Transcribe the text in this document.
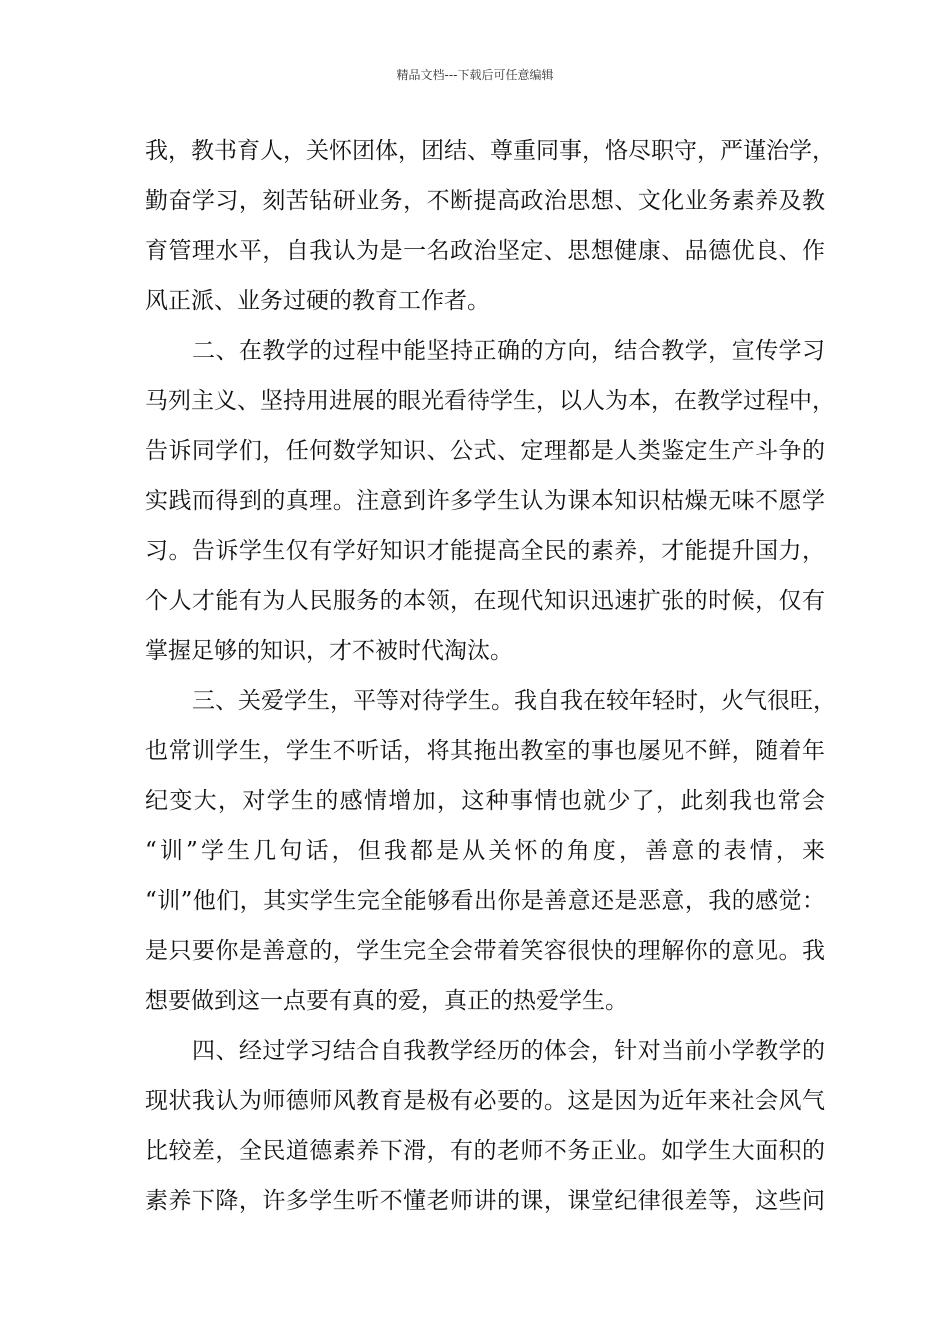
精品文档---下载后可任意编辑
我，教书育人，关怀团体，团结、尊重同事，恪尽职守，严谨治学，
勤奋学习，刻苦钻研业务，不断提高政治思想、文化业务素养及教
育管理水平，自我认为是一名政治坚定、思想健康、品德优良、作
风正派、业务过硬的教育工作者。
二、在教学的过程中能坚持正确的方向，结合教学，宣传学习
马列主义、坚持用进展的眼光看待学生，以人为本，在教学过程中，
告诉同学们，任何数学知识、公式、定理都是人类鉴定生产斗争的
实践而得到的真理。注意到许多学生认为课本知识枯燥无味不愿学
习。告诉学生仅有学好知识才能提高全民的素养，才能提升国力，
个人才能有为人民服务的本领，在现代知识迅速扩张的时候，仅有
掌握足够的知识，才不被时代淘汰。
三、关爱学生，平等对待学生。我自我在较年轻时，火气很旺，
也常训学生，学生不听话，将其拖出教室的事也屡见不鲜，随着年
纪变大，对学生的感情增加，这种事情也就少了，此刻我也常会
“训”学生几句话，但我都是从关怀的角度，善意的表情，来
“训”他们，其实学生完全能够看出你是善意还是恶意，我的感觉：
是只要你是善意的，学生完全会带着笑容很快的理解你的意见。我
想要做到这一点要有真的爱，真正的热爱学生。
四、经过学习结合自我教学经历的体会，针对当前小学教学的
现状我认为师德师风教育是极有必要的。这是因为近年来社会风气
比较差，全民道德素养下滑，有的老师不务正业。如学生大面积的
素养下降，许多学生听不懂老师讲的课，课堂纪律很差等，这些问
